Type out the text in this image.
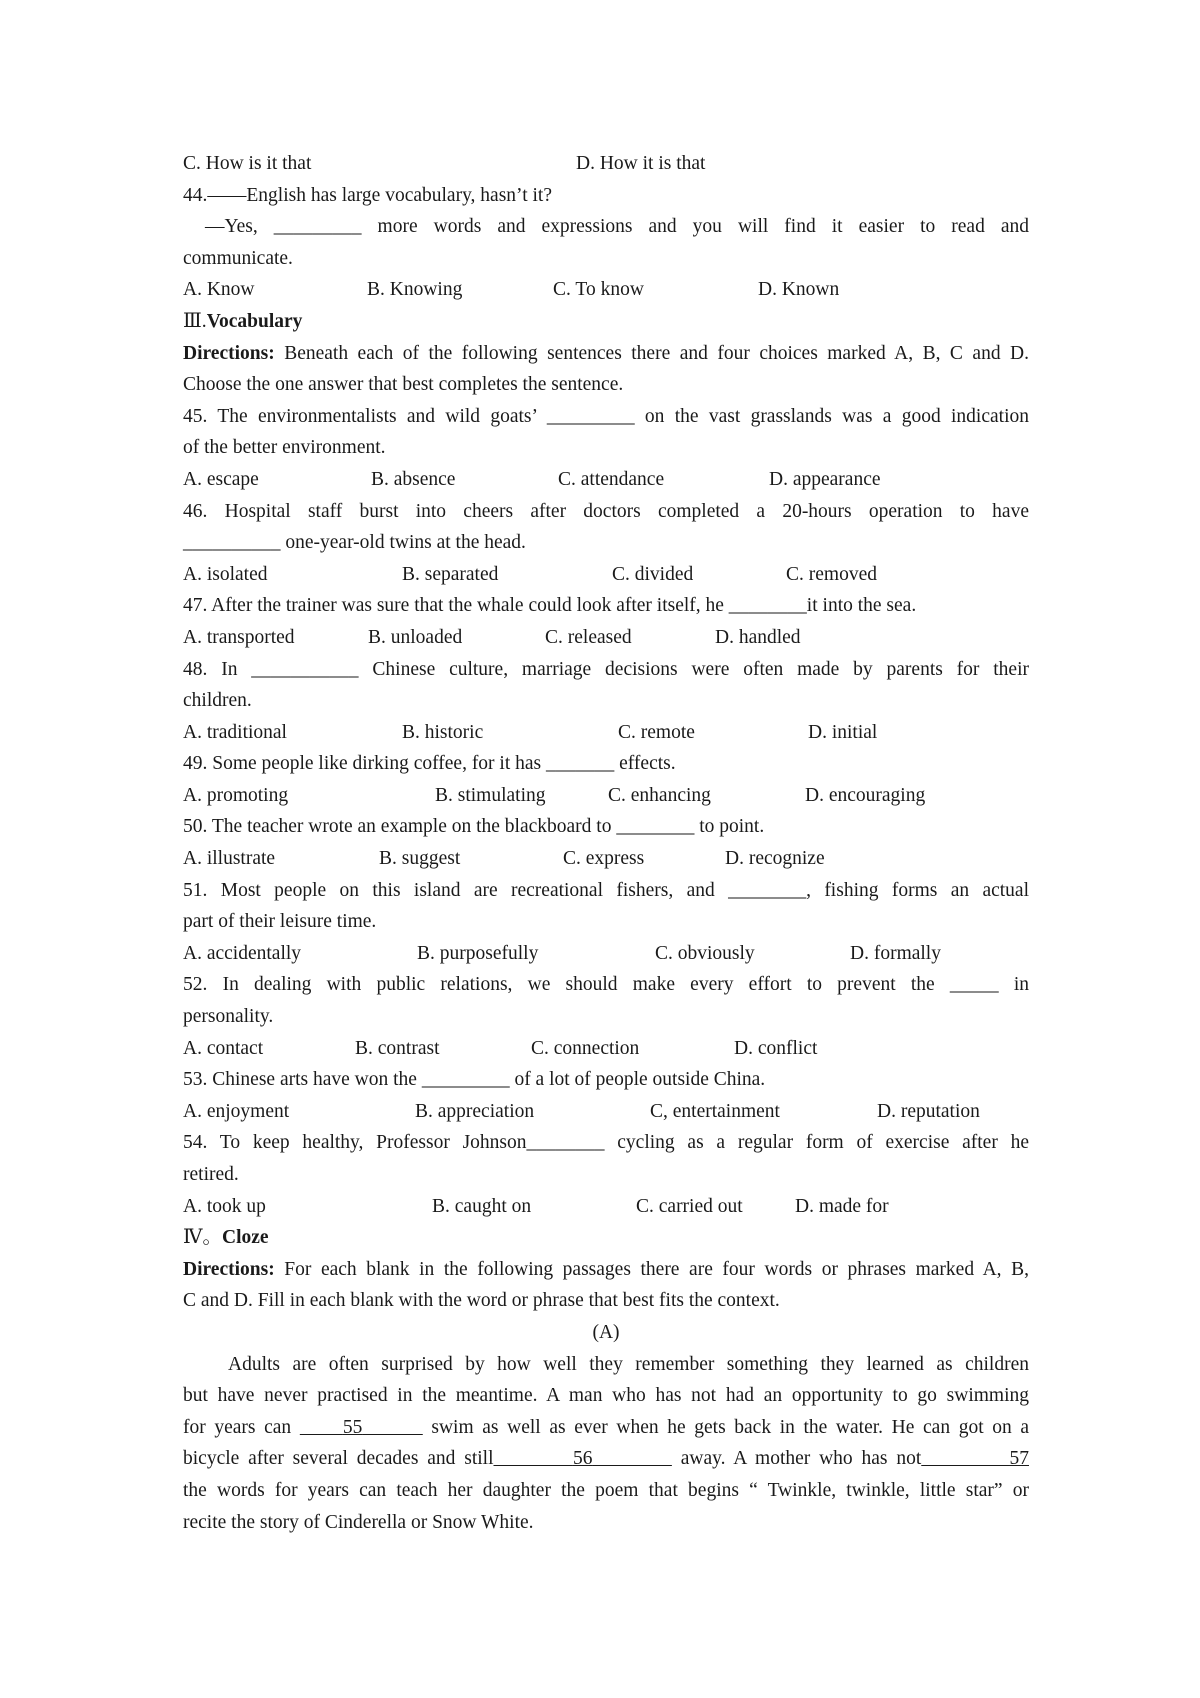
C. How is it that	D. How it is that
44.——English has large vocabulary, hasn’t it?
—Yes, _________ more words and expressions and you will find it easier to read and
communicate.
A. Know	B. Knowing	C. To know	D. Known
Ⅲ.Vocabulary
Directions: Beneath each of the following sentences there and four choices marked A, B, C and D.
Choose the one answer that best completes the sentence.
45. The environmentalists and wild goats’ _________ on the vast grasslands was a good indication
of the better environment.
A. escape	B. absence	C. attendance	D. appearance
46. Hospital staff burst into cheers after doctors completed a 20-hours operation to have
__________ one-year-old twins at the head.
A. isolated	B. separated	C. divided	C. removed
47. After the trainer was sure that the whale could look after itself, he ________it into the sea.
A. transported	B. unloaded	C. released	D. handled
48. In ___________ Chinese culture, marriage decisions were often made by parents for their
children.
A. traditional	B. historic	C. remote	D. initial
49. Some people like dirking coffee, for it has _______ effects.
A. promoting	B. stimulating	C. enhancing	D. encouraging
50. The teacher wrote an example on the blackboard to ________ to point.
A. illustrate	B. suggest	C. express	D. recognize
51. Most people on this island are recreational fishers, and ________, fishing forms an actual
part of their leisure time.
A. accidentally	B. purposefully	C. obviously	D. formally
52. In dealing with public relations, we should make every effort to prevent the _____ in
personality.
A. contact	B. contrast	C. connection	D. conflict
53. Chinese arts have won the _________ of a lot of people outside China.
A. enjoyment	B. appreciation	C, entertainment	D. reputation
54. To keep healthy, Professor Johnson________ cycling as a regular form of exercise after he
retired.
A. took up	B. caught on	C. carried out	D. made for
Ⅳ。Cloze
Directions: For each blank in the following passages there are four words or phrases marked A, B,
C and D. Fill in each blank with the word or phrase that best fits the context.
(A)
Adults are often surprised by how well they remember something they learned as children
but have never practised in the meantime. A man who has not had an opportunity to go swimming
for years can	55	swim as well as ever when he gets back in the water. He can got on a
bicycle after several decades and still	56	away. A mother who has not	57
the words for years can teach her daughter the poem that begins “ Twinkle, twinkle, little star” or
recite the story of Cinderella or Snow White.
